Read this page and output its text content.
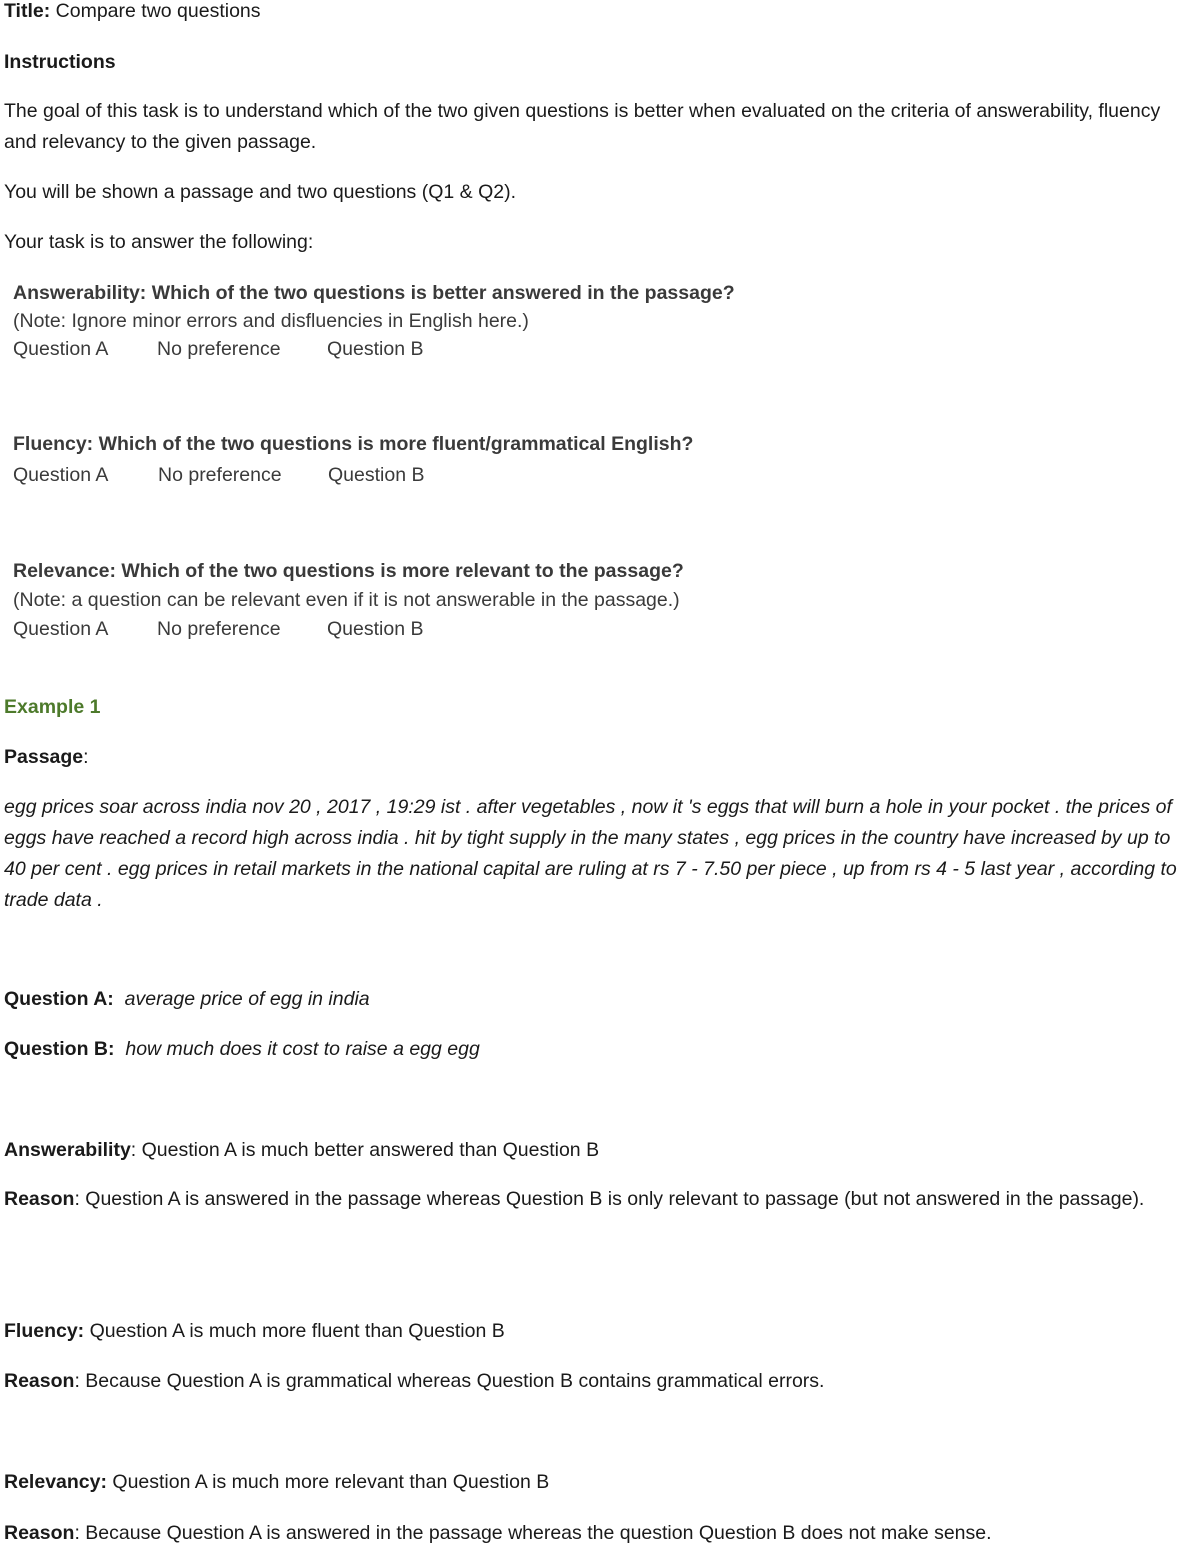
Title: Compare two questions
Instructions
The goal of this task is to understand which of the two given questions is better when evaluated on the criteria of answerability, fluency and relevancy to the given passage.
You will be shown a passage and two questions (Q1 & Q2).
Your task is to answer the following:
Answerability: Which of the two questions is better answered in the passage?
(Note: Ignore minor errors and disfluencies in English here.)
Question A No preference Question B
Fluency: Which of the two questions is more fluent/grammatical English?
Question A	No preference Question B
Relevance: Which of the two questions is more relevant to the passage?
(Note: a question can be relevant even if it is not answerable in the passage.)
Question A No preference Question B
Example 1
Passage:
egg prices soar across india nov 20 , 2017 , 19:29 ist . after vegetables , now it 's eggs that will burn a hole in your pocket . the prices of eggs have reached a record high across india . hit by tight supply in the many states , egg prices in the country have increased by up to 40 per cent . egg prices in retail markets in the national capital are ruling at rs 7 - 7.50 per piece , up from rs 4 - 5 last year , according to trade data .
Question A: average price of egg in india
Question B: how much does it cost to raise a egg egg
Answerability: Question A is much better answered than Question B
Reason: Question A is answered in the passage whereas Question B is only relevant to passage (but not answered in the passage).
Fluency: Question A is much more fluent than Question B
Reason: Because Question A is grammatical whereas Question B contains grammatical errors.
Relevancy: Question A is much more relevant than Question B
Reason: Because Question A is answered in the passage whereas the question Question B does not make sense.
